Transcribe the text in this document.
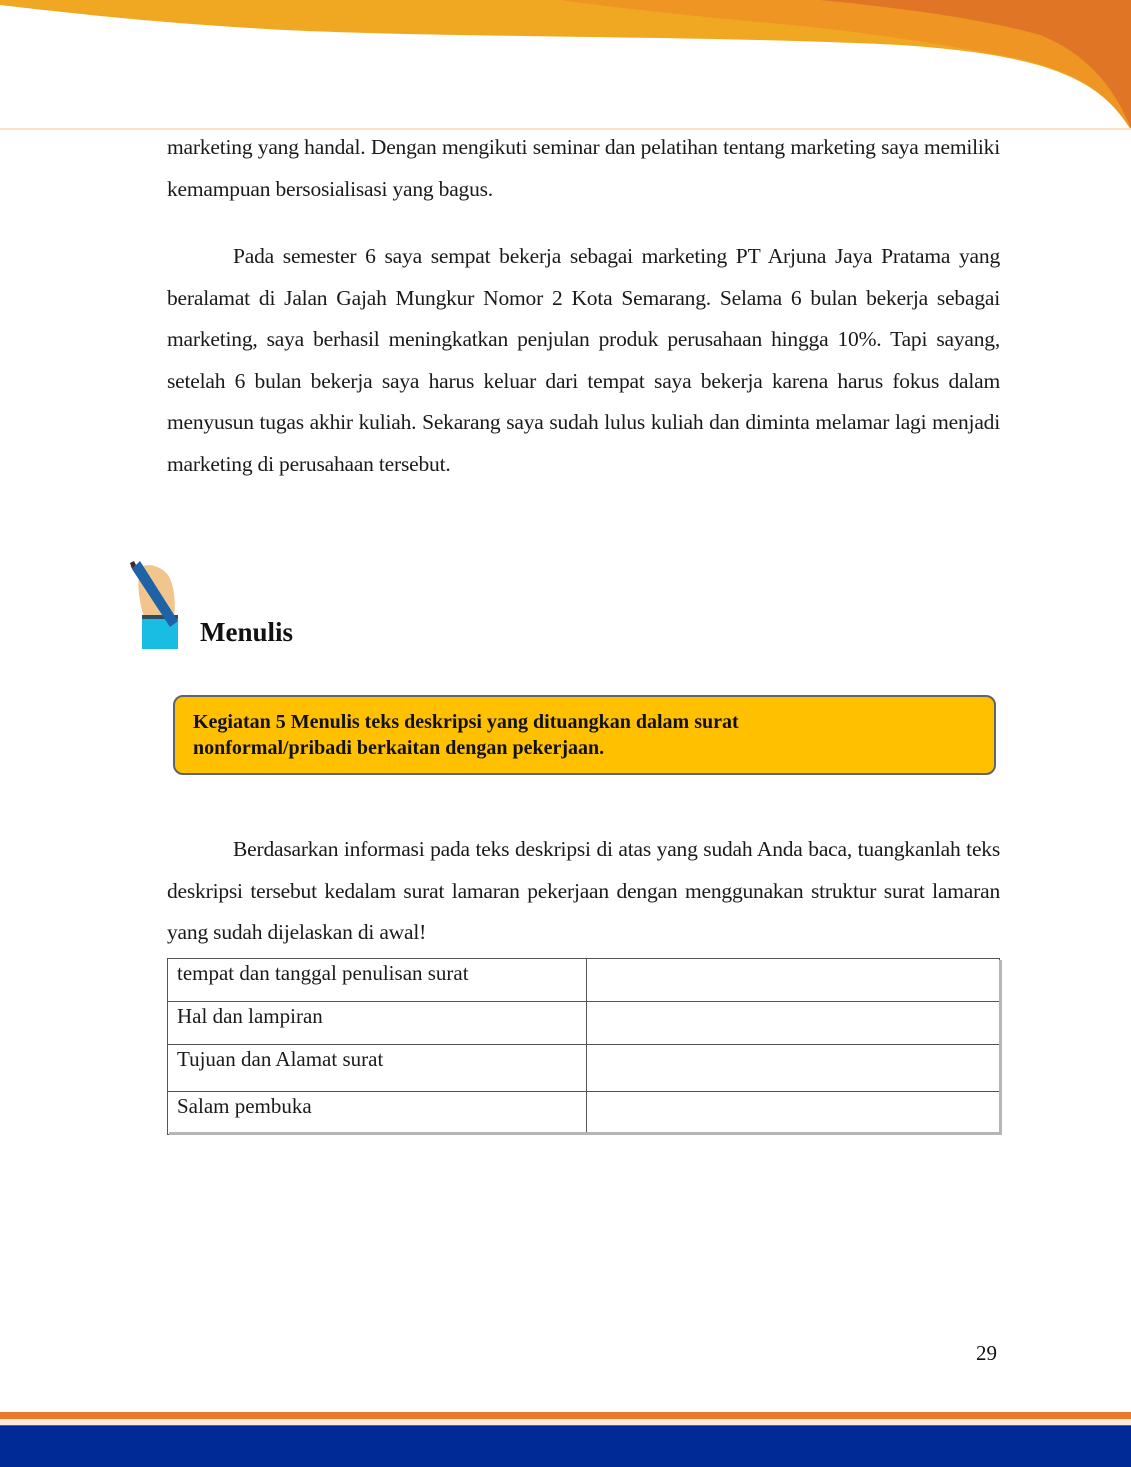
marketing yang handal. Dengan mengikuti seminar dan pelatihan tentang marketing saya memiliki kemampuan bersosialisasi yang bagus.

Pada semester 6 saya sempat bekerja sebagai marketing PT Arjuna Jaya Pratama yang beralamat di Jalan Gajah Mungkur Nomor 2 Kota Semarang. Selama 6 bulan bekerja sebagai marketing, saya berhasil meningkatkan penjulan produk perusahaan hingga 10%. Tapi sayang, setelah 6 bulan bekerja saya harus keluar dari tempat saya bekerja karena harus fokus dalam menyusun tugas akhir kuliah. Sekarang saya sudah lulus kuliah dan diminta melamar lagi menjadi marketing di perusahaan tersebut.

Menulis
Kegiatan 5 Menulis teks deskripsi yang dituangkan dalam surat
nonformal/pribadi berkaitan dengan pekerjaan.

Berdasarkan informasi pada teks deskripsi di atas yang sudah Anda baca, tuangkanlah teks deskripsi tersebut kedalam surat lamaran pekerjaan dengan menggunakan struktur surat lamaran yang sudah dijelaskan di awal!

tempat dan tanggal penulisan surat	
Hal dan lampiran	
Tujuan dan Alamat surat	
Salam pembuka	
29
